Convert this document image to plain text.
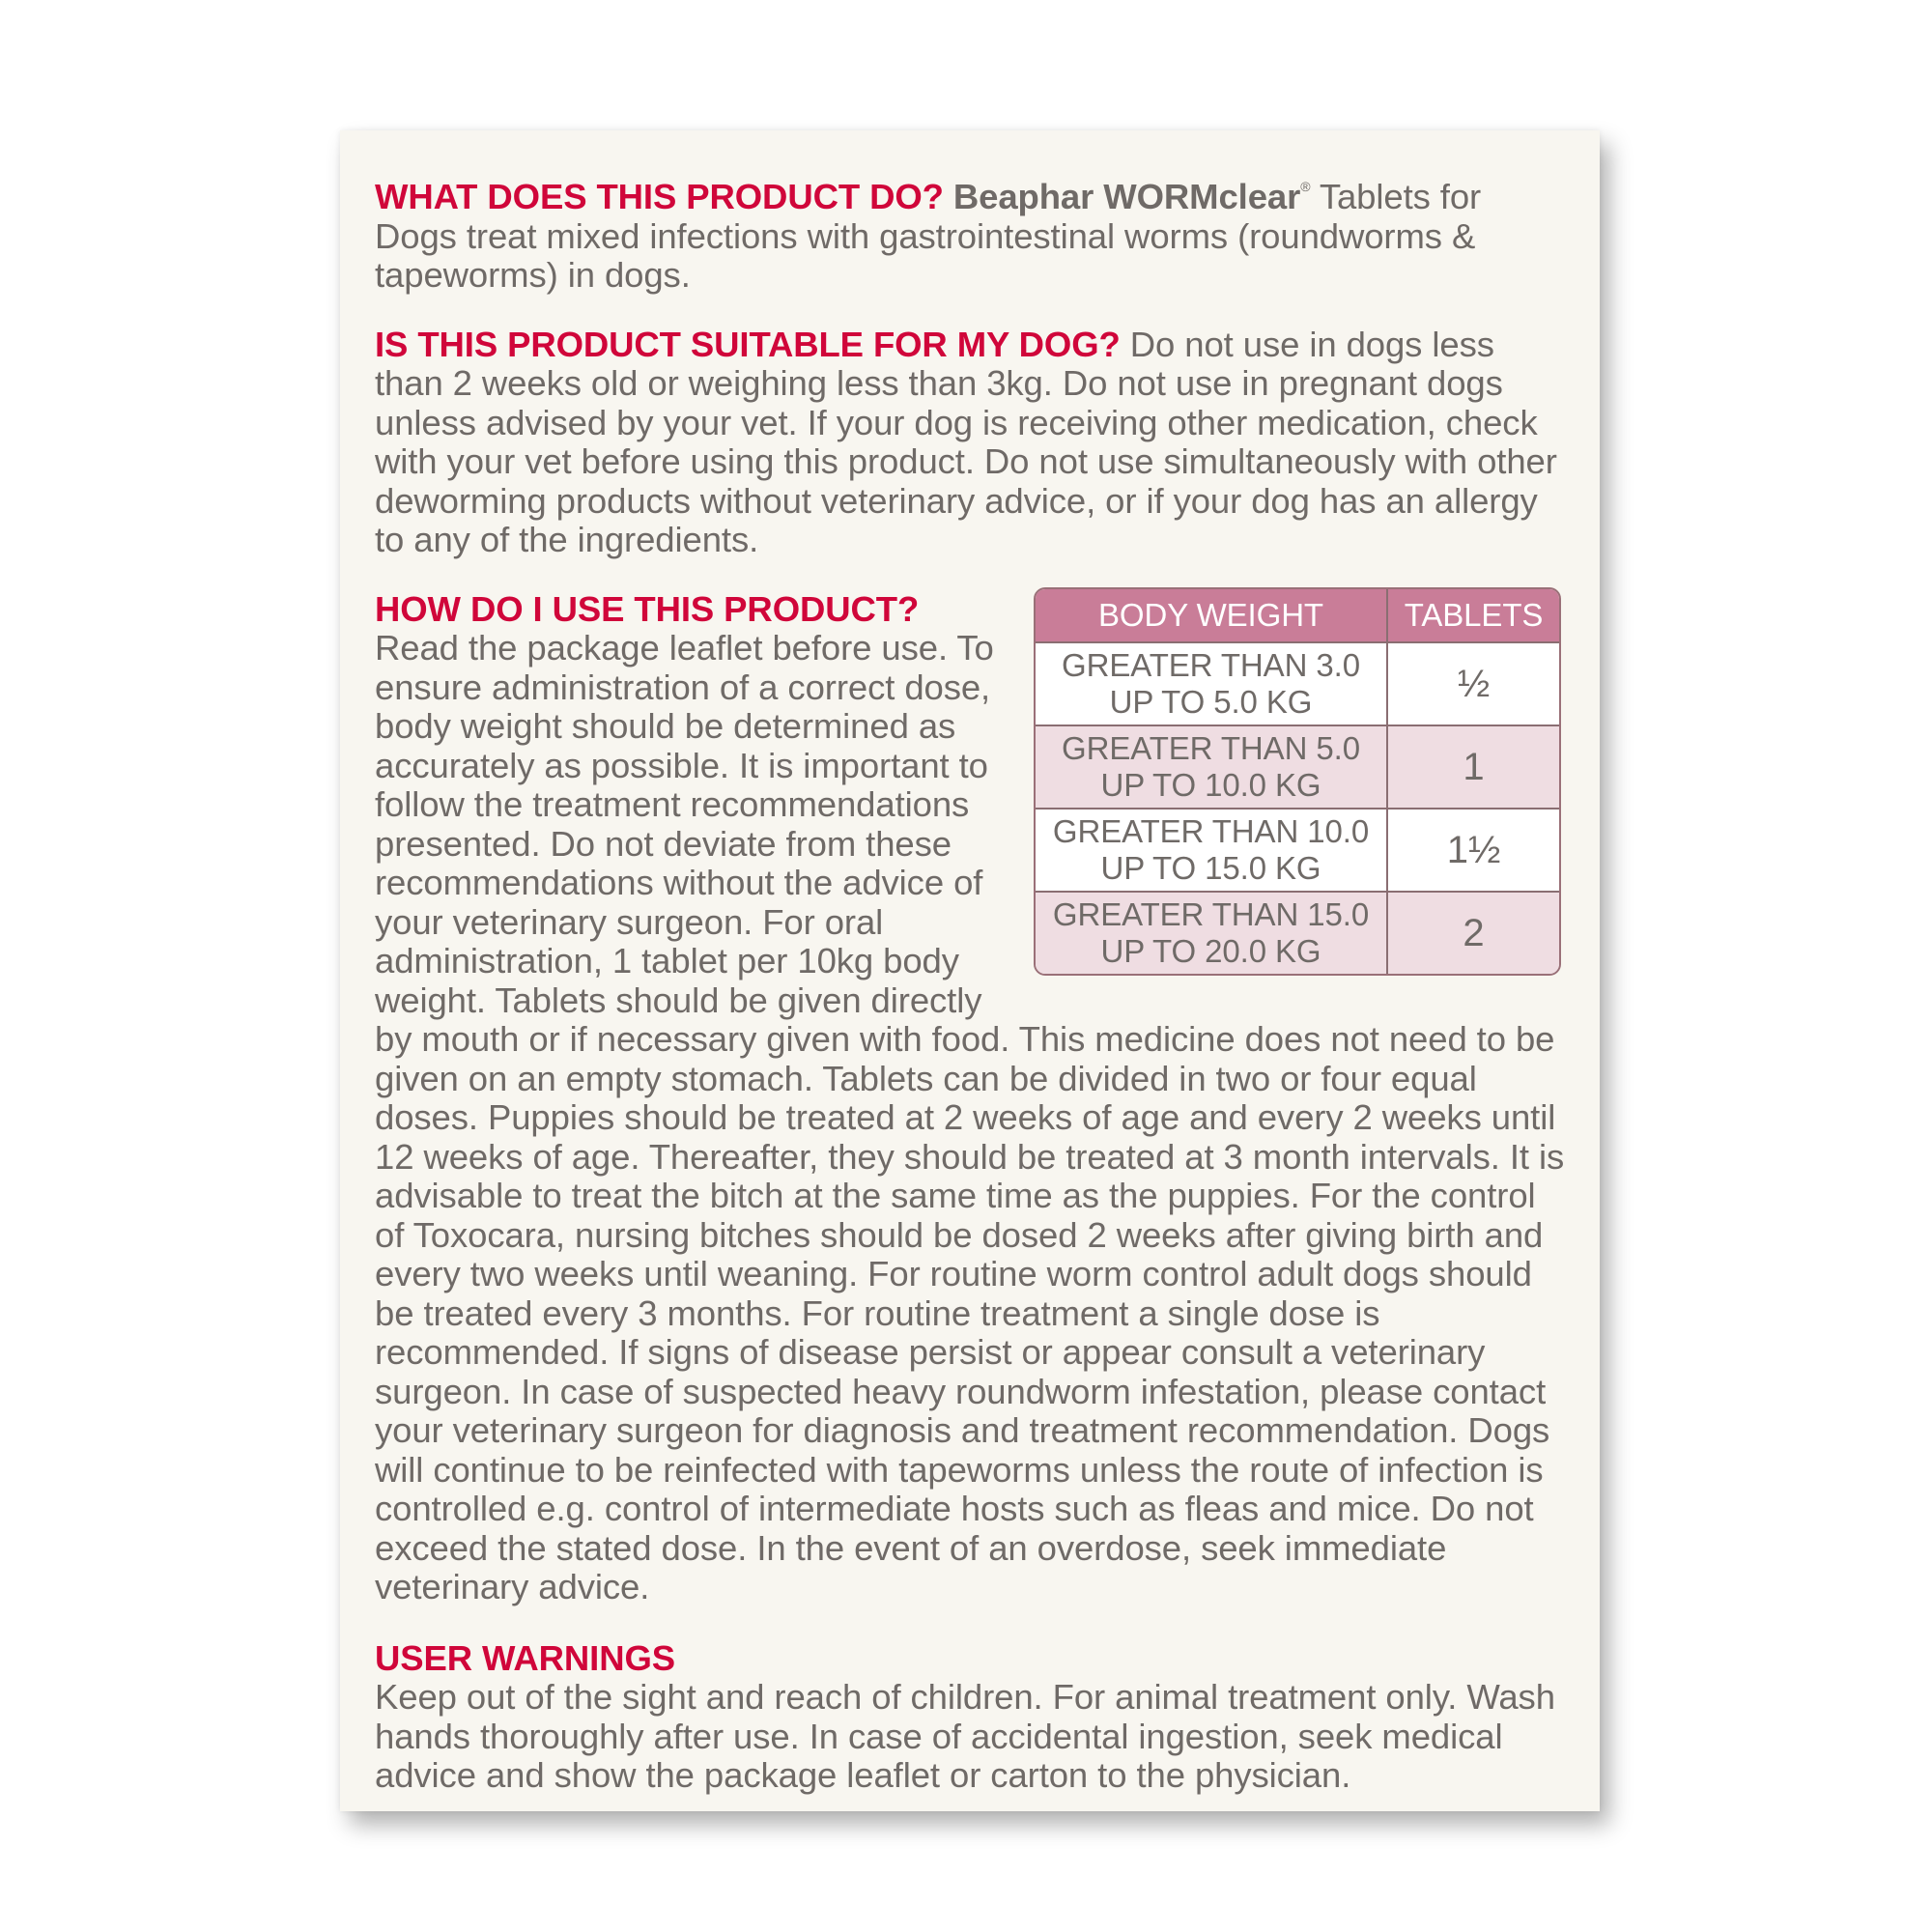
WHAT DOES THIS PRODUCT DO? Beaphar WORMclear® Tablets for Dogs treat mixed infections with gastrointestinal worms (roundworms & tapeworms) in dogs.

IS THIS PRODUCT SUITABLE FOR MY DOG? Do not use in dogs less than 2 weeks old or weighing less than 3kg. Do not use in pregnant dogs unless advised by your vet. If your dog is receiving other medication, check with your vet before using this product. Do not use simultaneously with other deworming products without veterinary advice, or if your dog has an allergy to any of the ingredients.

BODY WEIGHT	TABLETS
GREATER THAN 3.0
UP TO 5.0 KG	½
GREATER THAN 5.0
UP TO 10.0 KG	1
GREATER THAN 10.0
UP TO 15.0 KG	1½
GREATER THAN 15.0
UP TO 20.0 KG	2
HOW DO I USE THIS PRODUCT?
Read the package leaflet before use. To ensure administration of a correct dose, body weight should be determined as accurately as possible. It is important to follow the treatment recommendations presented. Do not deviate from these recommendations without the advice of your veterinary surgeon. For oral administration, 1 tablet per 10kg body weight. Tablets should be given directly by mouth or if necessary given with food. This medicine does not need to be given on an empty stomach. Tablets can be divided in two or four equal doses. Puppies should be treated at 2 weeks of age and every 2 weeks until 12 weeks of age. Thereafter, they should be treated at 3 month intervals. It is advisable to treat the bitch at the same time as the puppies. For the control of Toxocara, nursing bitches should be dosed 2 weeks after giving birth and every two weeks until weaning. For routine worm control adult dogs should be treated every 3 months. For routine treatment a single dose is recommended. If signs of disease persist or appear consult a veterinary surgeon. In case of suspected heavy roundworm infestation, please contact your veterinary surgeon for diagnosis and treatment recommendation. Dogs will continue to be reinfected with tapeworms unless the route of infection is controlled e.g. control of intermediate hosts such as fleas and mice. Do not exceed the stated dose. In the event of an overdose, seek immediate veterinary advice.

USER WARNINGS
Keep out of the sight and reach of children. For animal treatment only. Wash hands thoroughly after use. In case of accidental ingestion, seek medical advice and show the package leaflet or carton to the physician.
